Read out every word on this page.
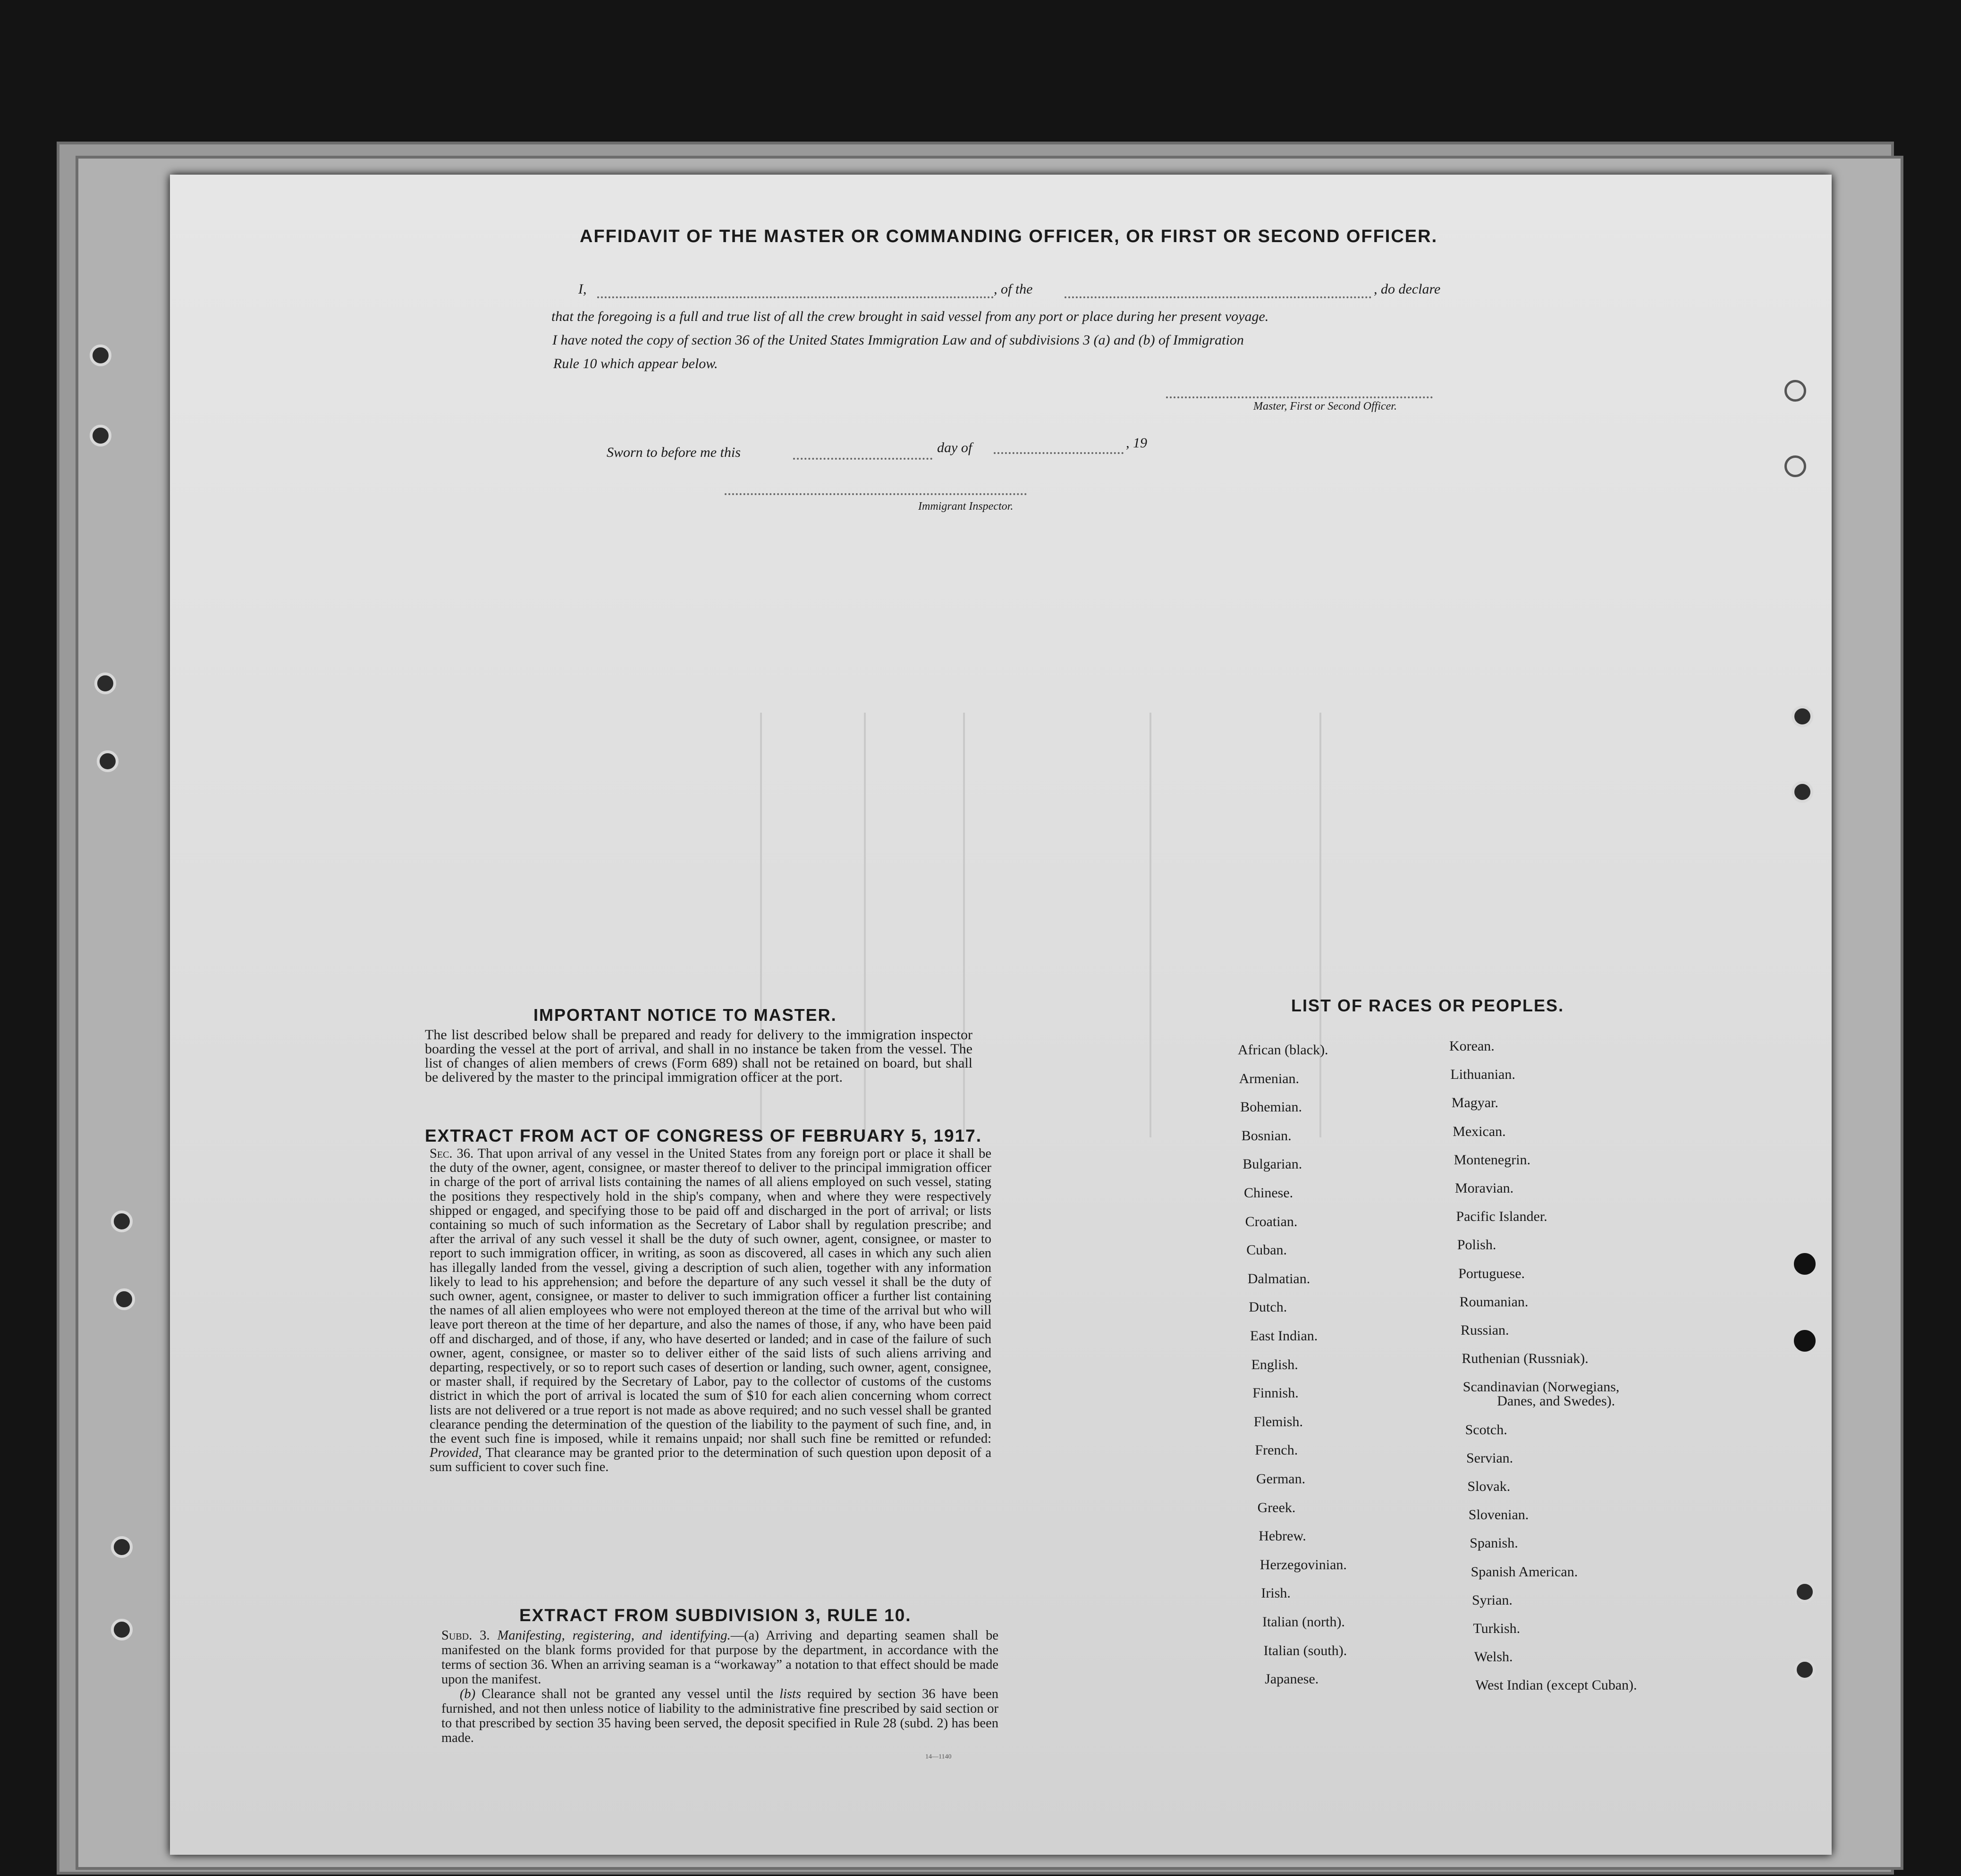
AFFIDAVIT OF THE MASTER OR COMMANDING OFFICER, OR FIRST OR SECOND OFFICER.
I,	, of the	, do declare
that the foregoing is a full and true list of all the crew brought in said vessel from any port or place during her present voyage.
I have noted the copy of section 36 of the United States Immigration Law and of subdivisions 3 (a) and (b) of Immigration
Rule 10 which appear below.
Master, First or Second Officer.
Sworn to before me this	day of	, 19
Immigrant Inspector.
IMPORTANT NOTICE TO MASTER.
The list described below shall be prepared and ready for delivery to the immigration inspector boarding the vessel at the port of arrival, and shall in no instance be taken from the vessel. The list of changes of alien members of crews (Form 689) shall not be retained on board, but shall be delivered by the master to the principal immigration officer at the port.
EXTRACT FROM ACT OF CONGRESS OF FEBRUARY 5, 1917.
Sec. 36. That upon arrival of any vessel in the United States from any foreign port or place it shall be the duty of the owner, agent, consignee, or master thereof to deliver to the principal immigration officer in charge of the port of arrival lists containing the names of all aliens employed on such vessel, stating the positions they respectively hold in the ship's company, when and where they were respectively shipped or engaged, and specifying those to be paid off and discharged in the port of arrival; or lists containing so much of such information as the Secretary of Labor shall by regulation prescribe; and after the arrival of any such vessel it shall be the duty of such owner, agent, consignee, or master to report to such immigration officer, in writing, as soon as discovered, all cases in which any such alien has illegally landed from the vessel, giving a description of such alien, together with any information likely to lead to his apprehension; and before the departure of any such vessel it shall be the duty of such owner, agent, consignee, or master to deliver to such immigration officer a further list containing the names of all alien employees who were not employed thereon at the time of the arrival but who will leave port thereon at the time of her departure, and also the names of those, if any, who have been paid off and discharged, and of those, if any, who have deserted or landed; and in case of the failure of such owner, agent, consignee, or master so to deliver either of the said lists of such aliens arriving and departing, respectively, or so to report such cases of desertion or landing, such owner, agent, consignee, or master shall, if required by the Secretary of Labor, pay to the collector of customs of the customs district in which the port of arrival is located the sum of $10 for each alien concerning whom correct lists are not delivered or a true report is not made as above required; and no such vessel shall be granted clearance pending the determination of the question of the liability to the payment of such fine, and, in the event such fine is imposed, while it remains unpaid; nor shall such fine be remitted or refunded: Provided, That clearance may be granted prior to the determination of such question upon deposit of a sum sufficient to cover such fine.
EXTRACT FROM SUBDIVISION 3, RULE 10.
Subd. 3. Manifesting, registering, and identifying.—(a) Arriving and departing seamen shall be manifested on the blank forms provided for that purpose by the department, in accordance with the terms of section 36. When an arriving seaman is a “workaway” a notation to that effect should be made upon the manifest.
(b) Clearance shall not be granted any vessel until the lists required by section 36 have been furnished, and not then unless notice of liability to the administrative fine prescribed by said section or to that prescribed by section 35 having been served, the deposit specified in Rule 28 (subd. 2) has been made.
14—1140
LIST OF RACES OR PEOPLES.
African (black).
Armenian.
Bohemian.
Bosnian.
Bulgarian.
Chinese.
Croatian.
Cuban.
Dalmatian.
Dutch.
East Indian.
English.
Finnish.
Flemish.
French.
German.
Greek.
Hebrew.
Herzegovinian.
Irish.
Italian (north).
Italian (south).
Japanese.
Korean.
Lithuanian.
Magyar.
Mexican.
Montenegrin.
Moravian.
Pacific Islander.
Polish.
Portuguese.
Roumanian.
Russian.
Ruthenian (Russniak).
Scandinavian (Norwegians,
Danes, and Swedes).
Scotch.
Servian.
Slovak.
Slovenian.
Spanish.
Spanish American.
Syrian.
Turkish.
Welsh.
West Indian (except Cuban).
